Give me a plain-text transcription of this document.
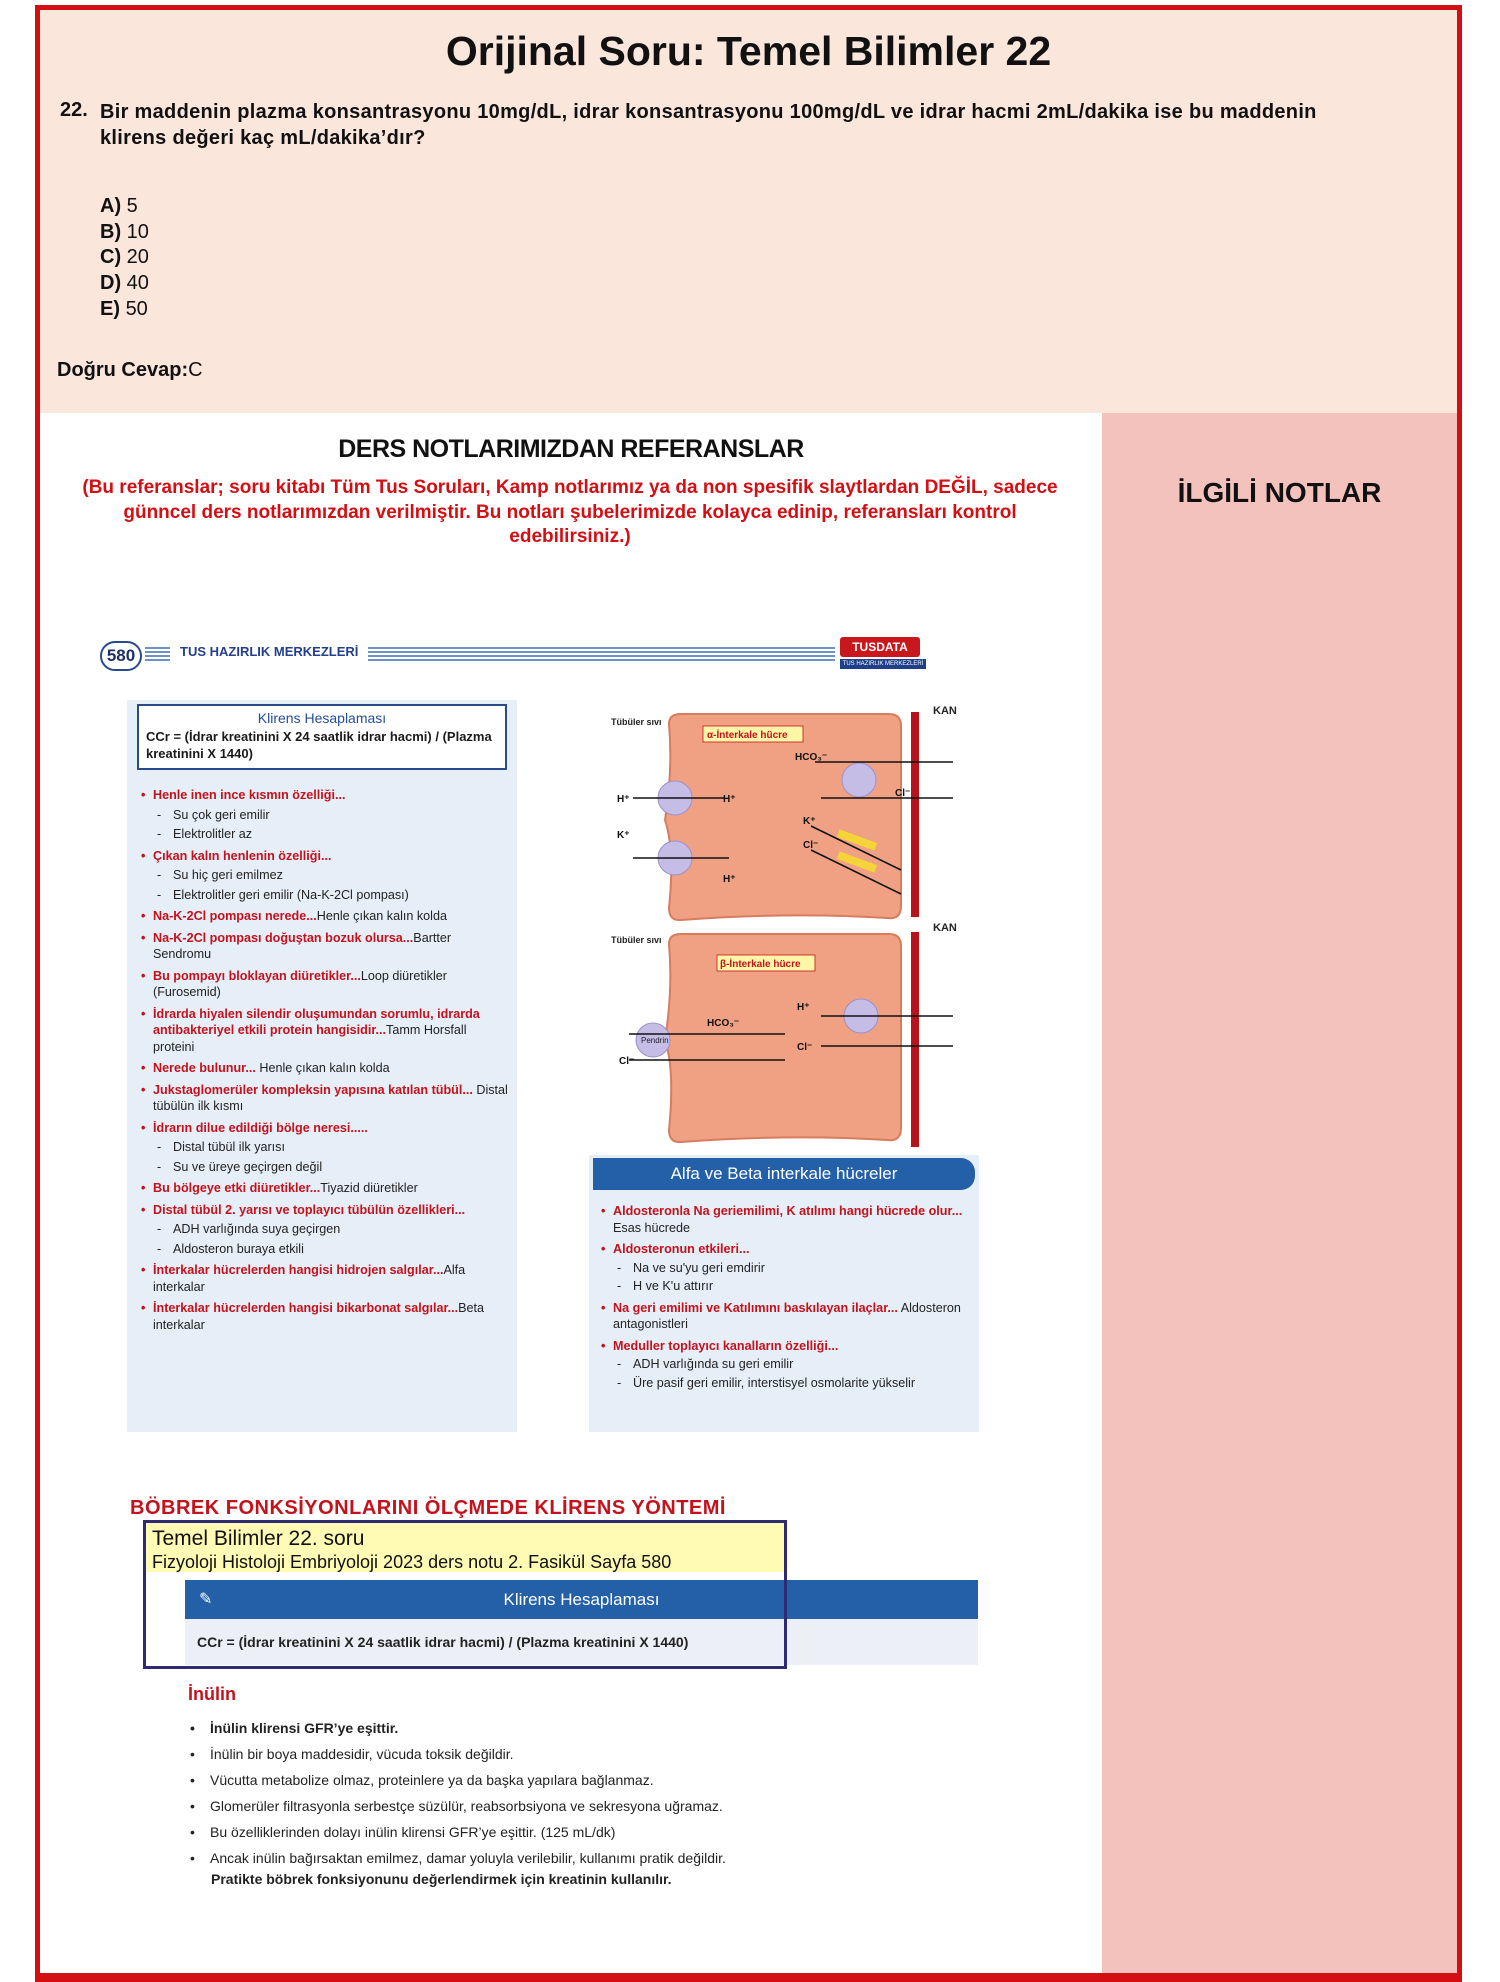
Orijinal Soru: Temel Bilimler 22
22. Bir maddenin plazma konsantrasyonu 10mg/dL, idrar konsantrasyonu 100mg/dL ve idrar hacmi 2mL/dakika ise bu maddenin klirens değeri kaç mL/dakika’dır?
A) 5
B) 10
C) 20
D) 40
E) 50
Doğru Cevap:C
İLGİLİ NOTLAR
DERS NOTLARIMIZDAN REFERANSLAR
(Bu referanslar; soru kitabı Tüm Tus Soruları, Kamp notlarımız ya da non spesifik slaytlardan DEĞİL, sadece günncel ders notlarımızdan verilmiştir. Bu notları şubelerimizde kolayca edinip, referansları kontrol edebilirsiniz.)
580	TUS HAZIRLIK MERKEZLERİ	TUSDATA
TUS HAZIRLIK MERKEZLERİ
Klirens Hesaplaması
CCr = (İdrar kreatinini X 24 saatlik idrar hacmi) / (Plazma kreatinini X 1440)
• Henle inen ince kısmın özelliği...
- Su çok geri emilir
- Elektrolitler az
• Çıkan kalın henlenin özelliği...
- Su hiç geri emilmez
- Elektrolitler geri emilir (Na-K-2Cl pompası)
• Na-K-2Cl pompası nerede...Henle çıkan kalın kolda
• Na-K-2Cl pompası doğuştan bozuk olursa...Bartter Sendromu
• Bu pompayı bloklayan diüretikler...Loop diüretikler (Furosemid)
• İdrarda hiyalen silendir oluşumundan sorumlu, idrarda antibakteriyel etkili protein hangisidir...Tamm Horsfall proteini
• Nerede bulunur... Henle çıkan kalın kolda
• Jukstaglomerüler kompleksin yapısına katılan tübül... Distal tübülün ilk kısmı
• İdrarın dilue edildiği bölge neresi.....
- Distal tübül ilk yarısı
- Su ve üreye geçirgen değil
• Bu bölgeye etki diüretikler...Tiyazid diüretikler
• Distal tübül 2. yarısı ve toplayıcı tübülün özellikleri...
- ADH varlığında suya geçirgen
- Aldosteron buraya etkili
• İnterkalar hücrelerden hangisi hidrojen salgılar...Alfa interkalar
• İnterkalar hücrelerden hangisi bikarbonat salgılar...Beta interkalar
Tübüler sıvı
Tübüler sıvı
KAN
KAN
α-İnterkale hücre
β-İnterkale hücre
H⁺
K⁺
H⁺
H⁺
HCO₃⁻
Cl⁻
K⁺
Cl⁻
HCO₃⁻
Cl⁻
H⁺
Cl⁻
Pendrin
Alfa ve Beta interkale hücreler
• Aldosteronla Na geriemilimi, K atılımı hangi hücrede olur... Esas hücrede
• Aldosteronun etkileri...
- Na ve su'yu geri emdirir
- H ve K'u attırır
• Na geri emilimi ve Katılımını baskılayan ilaçlar... Aldosteron antagonistleri
• Meduller toplayıcı kanalların özelliği...
- ADH varlığında su geri emilir
- Üre pasif geri emilir, interstisyel osmolarite yükselir
BÖBREK FONKSİYONLARINI ÖLÇMEDE KLİRENS YÖNTEMİ
✎	Klirens Hesaplaması
CCr = (İdrar kreatinini X 24 saatlik idrar hacmi) / (Plazma kreatinini X 1440)
Temel Bilimler 22. soru
Fizyoloji Histoloji Embriyoloji 2023 ders notu 2. Fasikül Sayfa 580
İnülin
• İnülin klirensi GFR’ye eşittir.
• İnülin bir boya maddesidir, vücuda toksik değildir.
• Vücutta metabolize olmaz, proteinlere ya da başka yapılara bağlanmaz.
• Glomerüler filtrasyonla serbestçe süzülür, reabsorbsiyona ve sekresyona uğramaz.
• Bu özelliklerinden dolayı inülin klirensi GFR’ye eşittir. (125 mL/dk)
• Ancak inülin bağırsaktan emilmez, damar yoluyla verilebilir, kullanımı pratik değildir.
Pratikte böbrek fonksiyonunu değerlendirmek için kreatinin kullanılır.
